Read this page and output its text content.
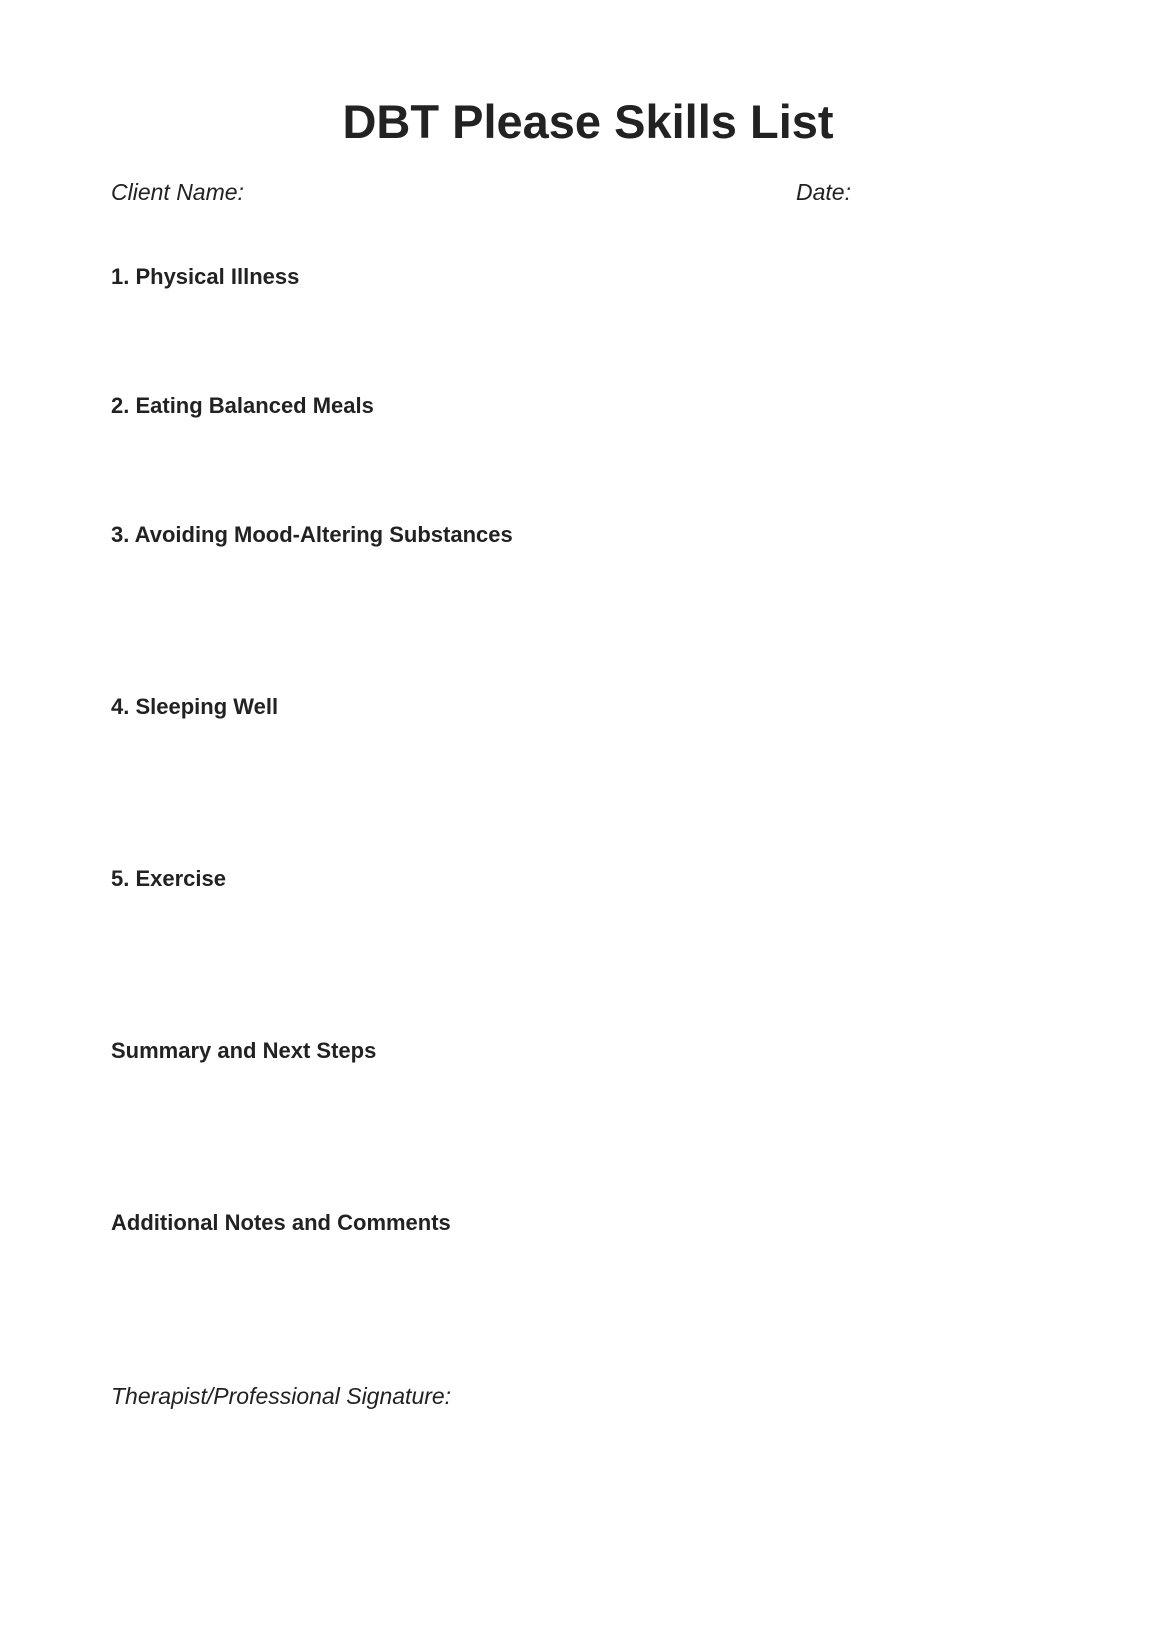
DBT Please Skills List
Client Name:	Date:
1. Physical Illness
2. Eating Balanced Meals
3. Avoiding Mood-Altering Substances
4. Sleeping Well
5. Exercise
Summary and Next Steps
Additional Notes and Comments
Therapist/Professional Signature:
